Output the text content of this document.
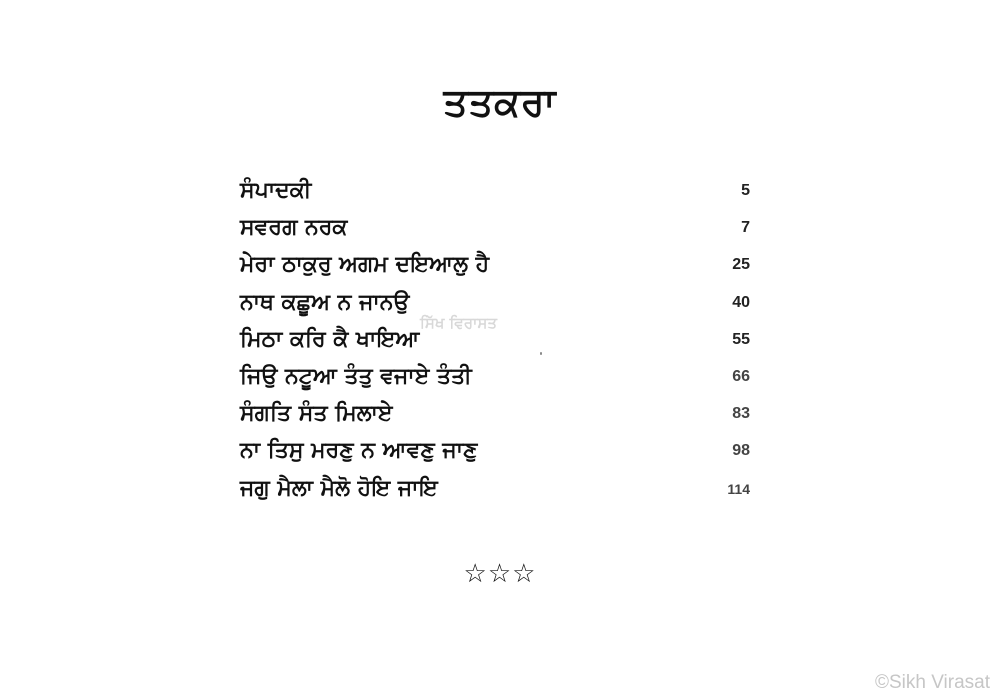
ਤਤਕਰਾ
ਸੰਪਾਦਕੀ	5
ਸਵਰਗ ਨਰਕ	7
ਮੇਰਾ ਠਾਕੁਰੁ ਅਗਮ ਦਇਆਲੁ ਹੈ	25
ਨਾਥ ਕਛੂਅ ਨ ਜਾਨਉ	40
ਮਿਠਾ ਕਰਿ ਕੈ ਖਾਇਆ	55
ਜਿਉ ਨਟੂਆ ਤੰਤੁ ਵਜਾਏ ਤੰਤੀ	66
ਸੰਗਤਿ ਸੰਤ ਮਿਲਾਏ	83
ਨਾ ਤਿਸੁ ਮਰਣੁ ਨ ਆਵਣੁ ਜਾਣੁ	98
ਜਗੁ ਮੈਲਾ ਮੈਲੋ ਹੋਇ ਜਾਇ	114
ਸਿੱਖ ਵਿਰਾਸਤ
☆☆☆
©Sikh Virasat
